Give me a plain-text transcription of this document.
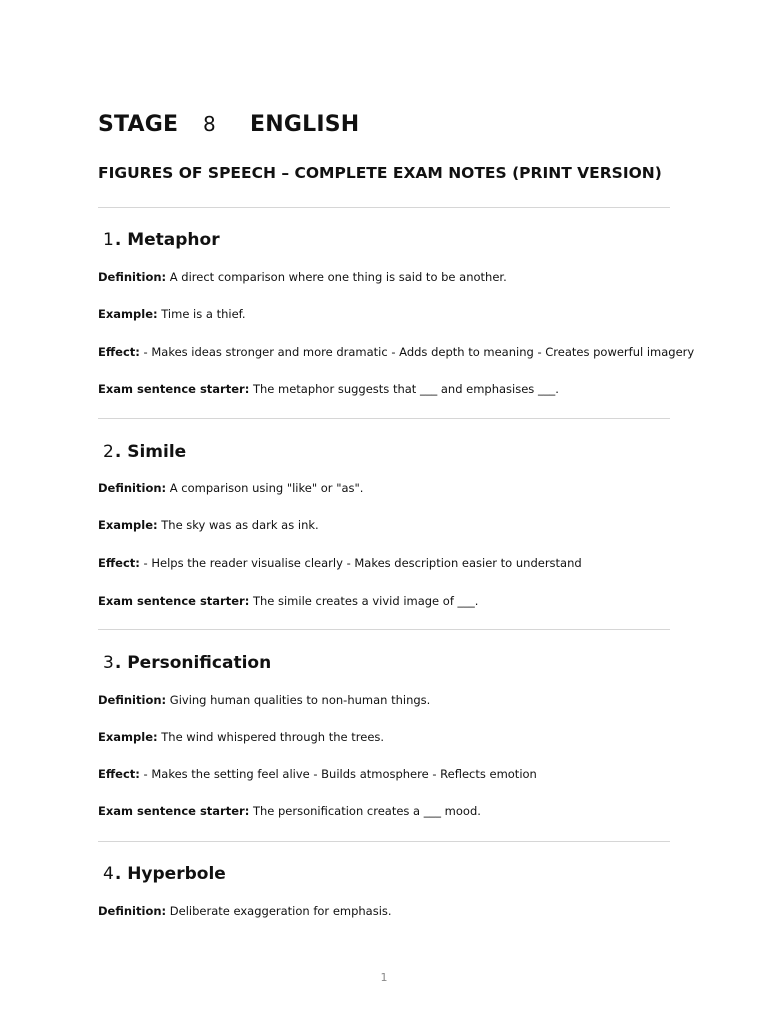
STAGE 8 ENGLISH
FIGURES OF SPEECH – COMPLETE EXAM NOTES (PRINT VERSION)
1. Metaphor
Definition: A direct comparison where one thing is said to be another.
Example: Time is a thief.
Effect: - Makes ideas stronger and more dramatic - Adds depth to meaning - Creates powerful imagery
Exam sentence starter: The metaphor suggests that ___ and emphasises ___.
2. Simile
Definition: A comparison using "like" or "as".
Example: The sky was as dark as ink.
Effect: - Helps the reader visualise clearly - Makes description easier to understand
Exam sentence starter: The simile creates a vivid image of ___.
3. Personification
Definition: Giving human qualities to non-human things.
Example: The wind whispered through the trees.
Effect: - Makes the setting feel alive - Builds atmosphere - Reflects emotion
Exam sentence starter: The personification creates a ___ mood.
4. Hyperbole
Definition: Deliberate exaggeration for emphasis.
1
